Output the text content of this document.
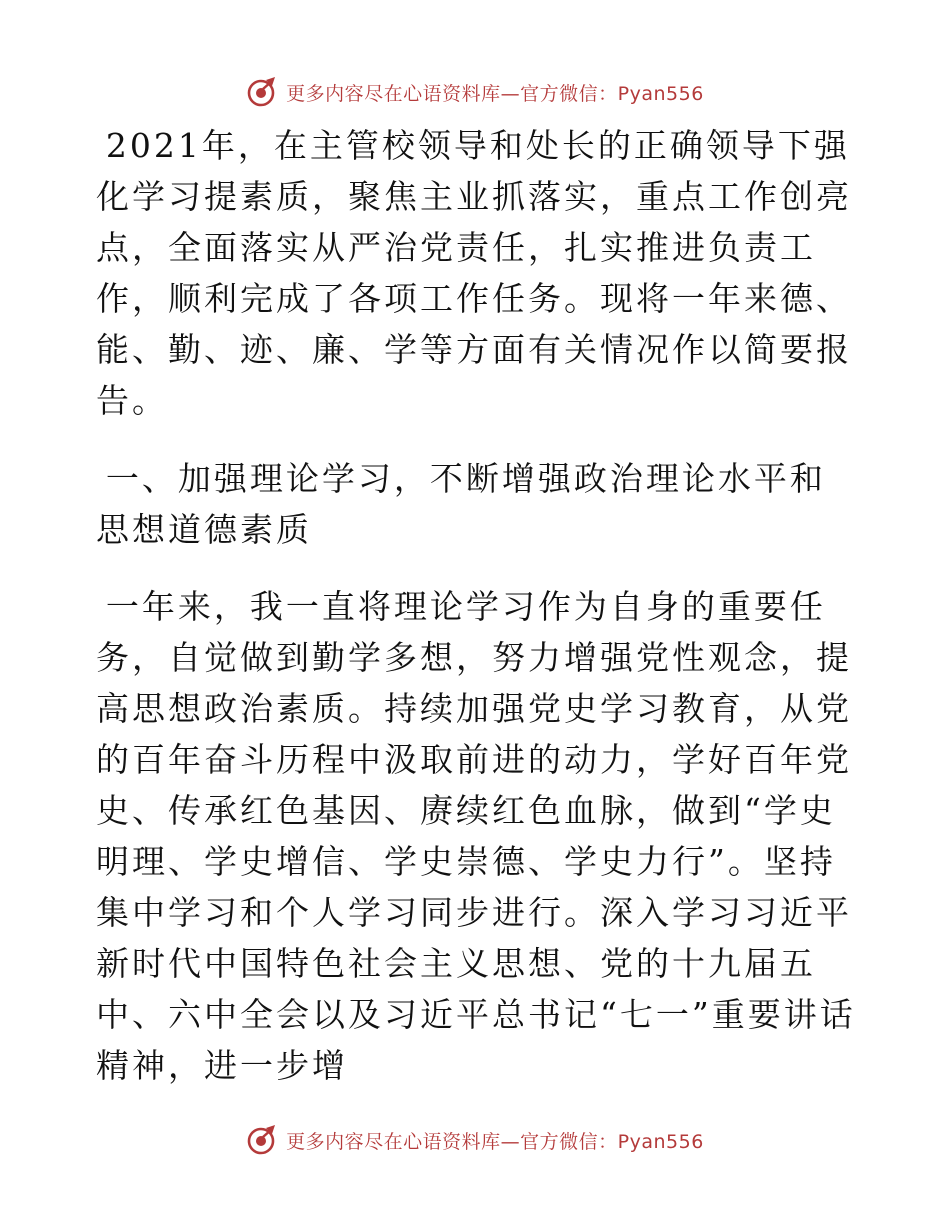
更多内容尽在心语资料库—官方微信：Pyan556

2021年，在主管校领导和处长的正确领导下强化学习提素质，聚焦主业抓落实，重点工作创亮点，全面落实从严治党责任，扎实推进负责工作，顺利完成了各项工作任务。现将一年来德、能、勤、迹、廉、学等方面有关情况作以简要报告。

一、加强理论学习，不断增强政治理论水平和思想道德素质

一年来，我一直将理论学习作为自身的重要任务，自觉做到勤学多想，努力增强党性观念，提高思想政治素质。持续加强党史学习教育，从党的百年奋斗历程中汲取前进的动力，学好百年党史、传承红色基因、赓续红色血脉，做到“学史明理、学史增信、学史崇德、学史力行”。坚持集中学习和个人学习同步进行。深入学习习近平新时代中国特色社会主义思想、党的十九届五中、六中全会以及习近平总书记“七一”重要讲话精神，进一步增

更多内容尽在心语资料库—官方微信：Pyan556
